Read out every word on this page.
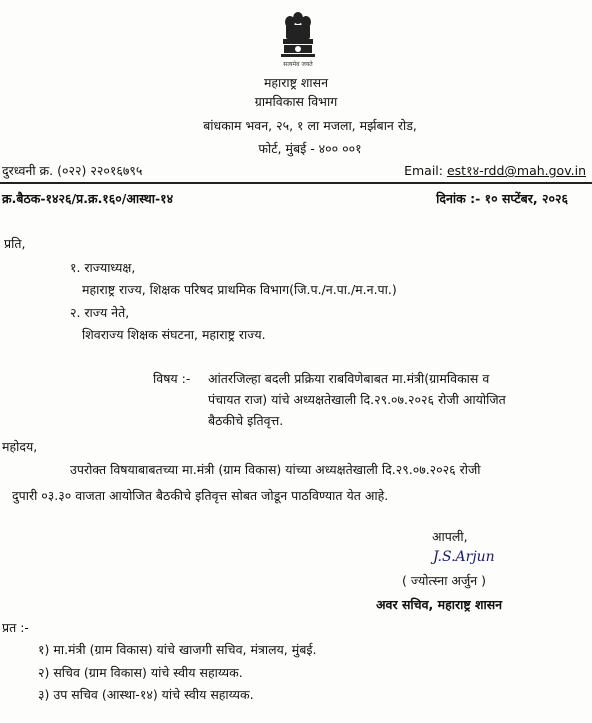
सत्यमेव जयते
महाराष्ट्र शासन
ग्रामविकास विभाग
बांधकाम भवन, २५, १ ला मजला, मर्झबान रोड,
फोर्ट, मुंबई - ४०० ००१
दुरध्वनी क्र. (०२२) २२०१६७९५	Email: est१४-rdd@mah.gov.in
क्र.बैठक-१४२६/प्र.क्र.१६०/आस्था-१४	दिनांक :- १० सप्टेंबर, २०२६
प्रति,
१. राज्याध्यक्ष,
महाराष्ट्र राज्य, शिक्षक परिषद प्राथमिक विभाग(जि.प./न.पा./म.न.पा.)
२. राज्य नेते,
शिवराज्य शिक्षक संघटना, महाराष्ट्र राज्य.
विषय :- आंतरजिल्हा बदली प्रक्रिया राबविणेबाबत मा.मंत्री(ग्रामविकास व
पंचायत राज) यांचे अध्यक्षतेखाली दि.२९.०७.२०२६ रोजी आयोजित
बैठकीचे इतिवृत्त.
महोदय,
उपरोक्त विषयाबाबतच्या मा.मंत्री (ग्राम विकास) यांच्या अध्यक्षतेखाली दि.२९.०७.२०२६ रोजी
दुपारी ०३.३० वाजता आयोजित बैठकीचे इतिवृत्त सोबत जोडून पाठविण्यात येत आहे.
आपली,
J.S.Arjun
( ज्योत्स्ना अर्जुन )
अवर सचिव, महाराष्ट्र शासन
प्रत :-
१) मा.मंत्री (ग्राम विकास) यांचे खाजगी सचिव, मंत्रालय, मुंबई.
२) सचिव (ग्राम विकास) यांचे स्वीय सहाय्यक.
३) उप सचिव (आस्था-१४) यांचे स्वीय सहाय्यक.
